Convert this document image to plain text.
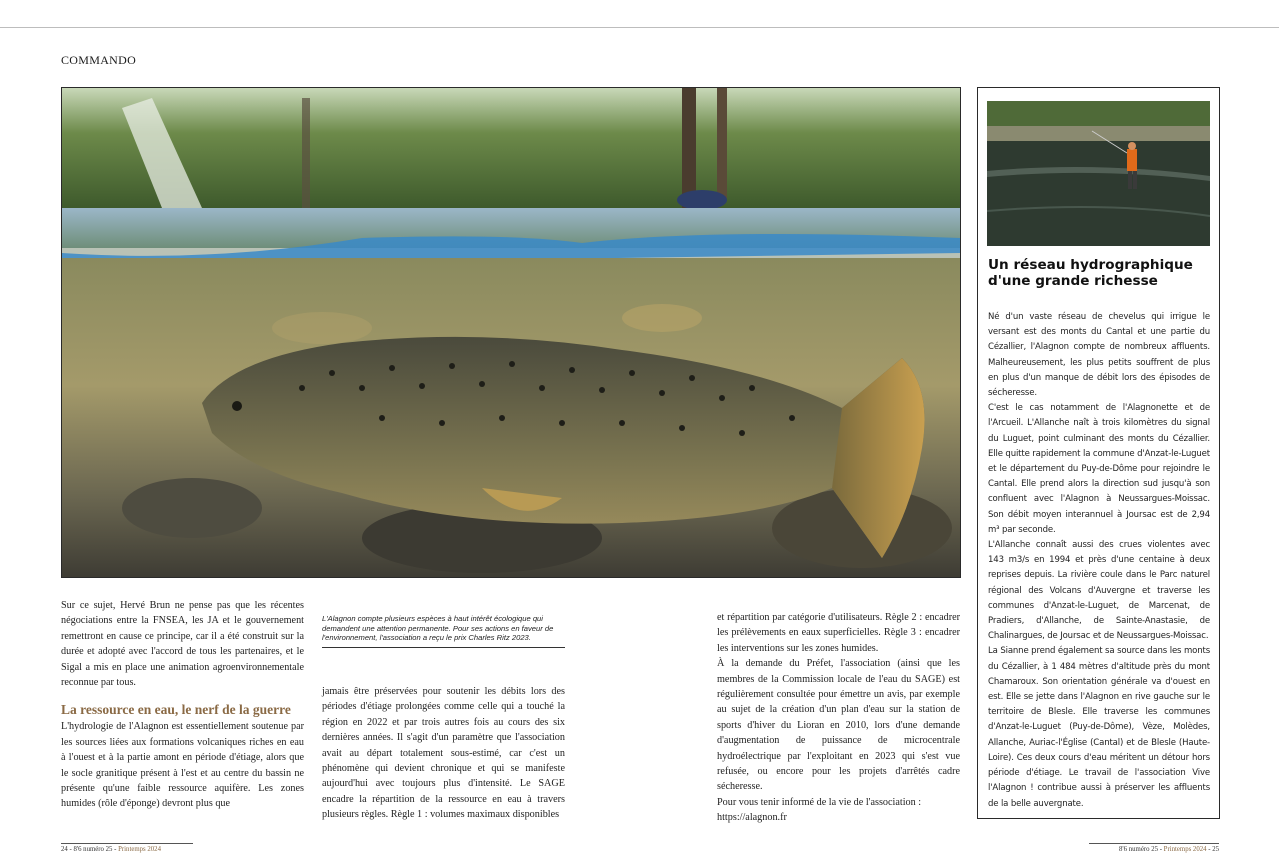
COMMANDO

Sur ce sujet, Hervé Brun ne pense pas que les récentes négociations entre la FNSEA, les JA et le gouvernement remettront en cause ce principe, car il a été construit sur la durée et adopté avec l'accord de tous les partenaires, et le Sigal a mis en place une animation agroenvironnementale reconnue par tous.

La ressource en eau, le nerf de la guerre

L'hydrologie de l'Alagnon est essentiellement soutenue par les sources liées aux formations volcaniques riches en eau à l'ouest et à la partie amont en période d'étiage, alors que le socle granitique présent à l'est et au centre du bassin ne présente qu'une faible ressource aquifère. Les zones humides (rôle d'éponge) devront plus que

L'Alagnon compte plusieurs espèces à haut intérêt écologique qui demandent une attention permanente. Pour ses actions en faveur de l'environnement, l'association a reçu le prix Charles Ritz 2023.

jamais être préservées pour soutenir les débits lors des périodes d'étiage prolongées comme celle qui a touché la région en 2022 et par trois autres fois au cours des six dernières années. Il s'agit d'un paramètre que l'association avait au départ totalement sous-estimé, car c'est un phénomène qui devient chronique et qui se manifeste aujourd'hui avec toujours plus d'intensité. Le SAGE encadre la répartition de la ressource en eau à travers plusieurs règles. Règle 1 : volumes maximaux disponibles

et répartition par catégorie d'utilisateurs. Règle 2 : encadrer les prélèvements en eaux superficielles. Règle 3 : encadrer les interventions sur les zones humides.

À la demande du Préfet, l'association (ainsi que les membres de la Commission locale de l'eau du SAGE) est régulièrement consultée pour émettre un avis, par exemple au sujet de la création d'un plan d'eau sur la station de sports d'hiver du Lioran en 2010, lors d'une demande d'augmentation de puissance de microcentrale hydroélectrique par l'exploitant en 2023 qui s'est vue refusée, ou encore pour les projets d'arrêtés cadre sécheresse.

Pour vous tenir informé de la vie de l'association :

https://alagnon.fr

Un réseau hydrographique d'une grande richesse

Né d'un vaste réseau de chevelus qui irrigue le versant est des monts du Cantal et une partie du Cézallier, l'Alagnon compte de nombreux affluents. Malheureusement, les plus petits souffrent de plus en plus d'un manque de débit lors des épisodes de sécheresse.

C'est le cas notamment de l'Alagnonette et de l'Arcueil. L'Allanche naît à trois kilomètres du signal du Luguet, point culminant des monts du Cézallier. Elle quitte rapidement la commune d'Anzat-le-Luguet et le département du Puy-de-Dôme pour rejoindre le Cantal. Elle prend alors la direction sud jusqu'à son confluent avec l'Alagnon à Neussargues-Moissac. Son débit moyen interannuel à Joursac est de 2,94 m³ par seconde.

L'Allanche connaît aussi des crues violentes avec 143 m3/s en 1994 et près d'une centaine à deux reprises depuis. La rivière coule dans le Parc naturel régional des Volcans d'Auvergne et traverse les communes d'Anzat-le-Luguet, de Marcenat, de Pradiers, d'Allanche, de Sainte-Anastasie, de Chalinargues, de Joursac et de Neussargues-Moissac.

La Sianne prend également sa source dans les monts du Cézallier, à 1 484 mètres d'altitude près du mont Chamaroux. Son orientation générale va d'ouest en est. Elle se jette dans l'Alagnon en rive gauche sur le territoire de Blesle. Elle traverse les communes d'Anzat-le-Luguet (Puy-de-Dôme), Vèze, Molèdes, Allanche, Auriac-l'Église (Cantal) et de Blesle (Haute-Loire). Ces deux cours d'eau méritent un détour hors période d'étiage. Le travail de l'association Vive l'Alagnon ! contribue aussi à préserver les affluents de la belle auvergnate.

24 - 8'6 numéro 25 - Printemps 2024	8'6 numéro 25 - Printemps 2024 - 25
